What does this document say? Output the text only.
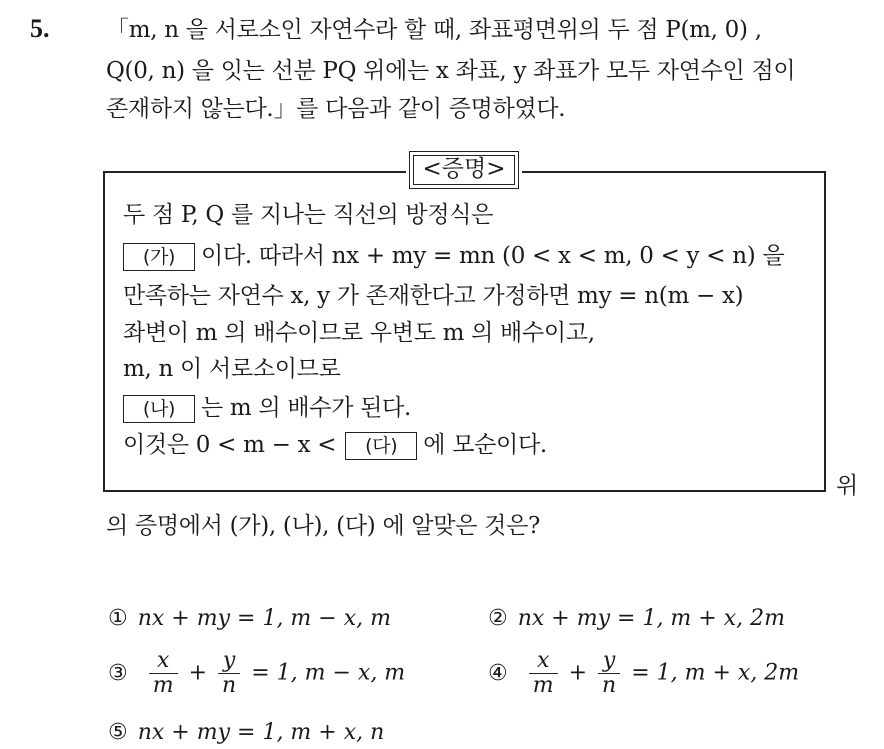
5. 「m, n 을 서로소인 자연수라 할 때, 좌표평면위의 두 점 P(m, 0) ,
Q(0, n) 을 잇는 선분 PQ 위에는 x 좌표, y 좌표가 모두 자연수인 점이
존재하지 않는다.」를 다음과 같이 증명하였다.
<증명>
두 점 P, Q 를 지나는 직선의 방정식은
(가) 이다. 따라서 nx + my = mn (0 < x < m, 0 < y < n) 을
만족하는 자연수 x, y 가 존재한다고 가정하면 my = n(m − x)
좌변이 m 의 배수이므로 우변도 m 의 배수이고,
m, n 이 서로소이므로
(나) 는 m 의 배수가 된다.
이것은 0 < m − x < (다) 에 모순이다.
위
의 증명에서 (가), (나), (다) 에 알맞은 것은?
① nx + my = 1, m − x, m	② nx + my = 1, m + x, 2m
③ $\frac{x}{m} + \frac{y}{n} = 1$, m − x, m	④ $\frac{x}{m} + \frac{y}{n} = 1$, m + x, 2m
⑤ nx + my = 1, m + x, n
